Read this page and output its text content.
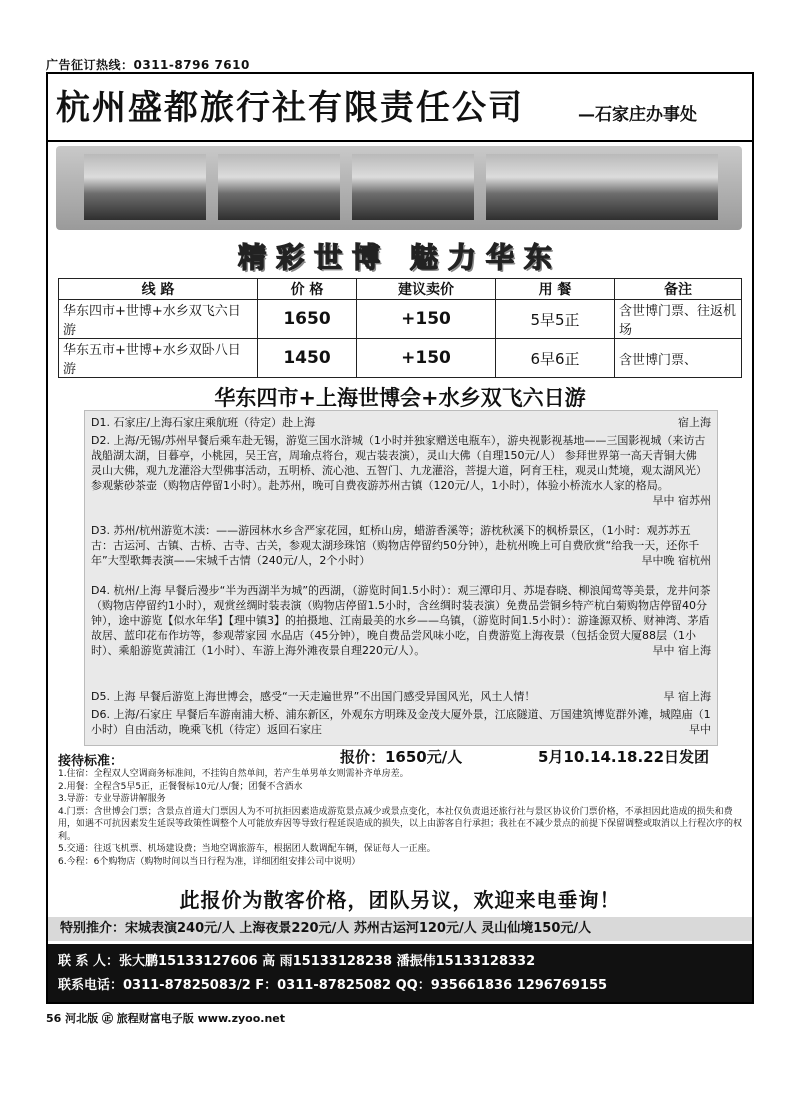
广告征订热线：0311-8796 7610
杭州盛都旅行社有限责任公司	—石家庄办事处
精彩世博 魅力华东
线 路	价 格	建议卖价	用 餐	备注
华东四市+世博+水乡双飞六日游	1650	+150	5早5正	含世博门票、往返机场
华东五市+世博+水乡双卧八日游	1450	+150	6早6正	含世博门票、
华东四市+上海世博会+水乡双飞六日游
宿上海
D1. 石家庄/上海石家庄乘航班（待定）赴上海
D2. 上海/无锡/苏州早餐后乘车赴无锡，游览三国水浒城（1小时并独家赠送电瓶车），游央视影视基地——三国影视城（来访古战船湖太湖，目暮亭，小桃园，吴王宫，周瑜点将台，观古装表演），灵山大佛（自理150元/人） 参拜世界第一高天青铜大佛 灵山大佛，观九龙灌浴大型佛事活动，五明桥、流心池、五智门、九龙灌浴，菩提大道，阿育王柱，观灵山梵境，观太湖风光）参观紫砂茶壶（购物店停留1小时）。赴苏州，晚可自费夜游苏州古镇（120元/人，1小时），体验小桥流水人家的格局。
早中 宿苏州
D3. 苏州/杭州游览木渎：——游园林水乡含严家花园，虹桥山房，蜡游香溪等；游枕秋溪下的枫桥景区，（1小时：观苏苏五古：古运河、古镇、古桥、古寺、古关，参观太湖珍珠馆（购物店停留约50分钟），赴杭州晚上可自费欣赏“给我一天，还你千年”大型歌舞表演——宋城千古情（240元/人，2个小时）	早中晚 宿杭州
D4. 杭州/上海 早餐后漫步“半为西湖半为城”的西湖，（游览时间1.5小时）：观三潭印月、苏堤春晓、柳浪闻莺等美景，龙井问茶（购物店停留约1小时），观赏丝绸时装表演（购物店停留1.5小时，含丝绸时装表演）免费品尝铜乡特产杭白菊购物店停留40分钟），途中游览【似水年华】【理中镇3】的拍摄地、江南最美的水乡——乌镇，（游览时间1.5小时）：游逢源双桥、财神湾、茅盾故居、蓝印花布作坊等，参观蒂家园 水品店（45分钟），晚自费品尝风味小吃，自费游览上海夜景（包括金贸大厦88层（1小时）、乘船游览黄浦江（1小时）、车游上海外滩夜景自理220元/人）。	早中 宿上海
早 宿上海
D5. 上海 早餐后游览上海世博会，感受“一天走遍世界”不出国门感受异国风光，风土人情！
D6. 上海/石家庄 早餐后车游南浦大桥、浦东新区，外观东方明珠及金茂大厦外景，江底隧道、万国建筑博览群外滩，城隍庙（1小时）自由活动，晚乘飞机（待定）返回石家庄	早中
接待标准：	报价：1650元/人	5月10.14.18.22日发团
1.住宿：全程双人空调商务标准间，不挂钩自然单间，若产生单男单女则需补齐单房差。
2.用餐：全程含5早5正，正餐餐标10元/人/餐；团餐不含酒水
3.导游：专业导游讲解服务
4.门票：含世博会门票；含景点首道大门票因人为不可抗拒因素造成游览景点减少或景点变化，本社仅负责退还旅行社与景区协议价门票价格，不承担因此造成的损失和费用，如遇不可抗因素发生延误等政策性调整个人可能放弃因等导致行程延误造成的损失，以上由游客自行承担；我社在不减少景点的前提下保留调整或取消以上行程次序的权利。
5.交通：往返飞机票、机场建设费；当地空调旅游车，根据团人数调配车辆，保证每人一正座。
6.今程：6个购物店（购物时间以当日行程为准，详细团组安排公司中说明）
此报价为散客价格，团队另议，欢迎来电垂询！
特别推介：宋城表演240元/人 上海夜景220元/人 苏州古运河120元/人 灵山仙境150元/人
联 系 人：张大鹏15133127606 高 雨15133128238 潘振伟15133128332
联系电话：0311-87825083/2 F：0311-87825082 QQ：935661836 1296769155
56 河北版 ㊣ 旅程财富电子版 www.zyoo.net
